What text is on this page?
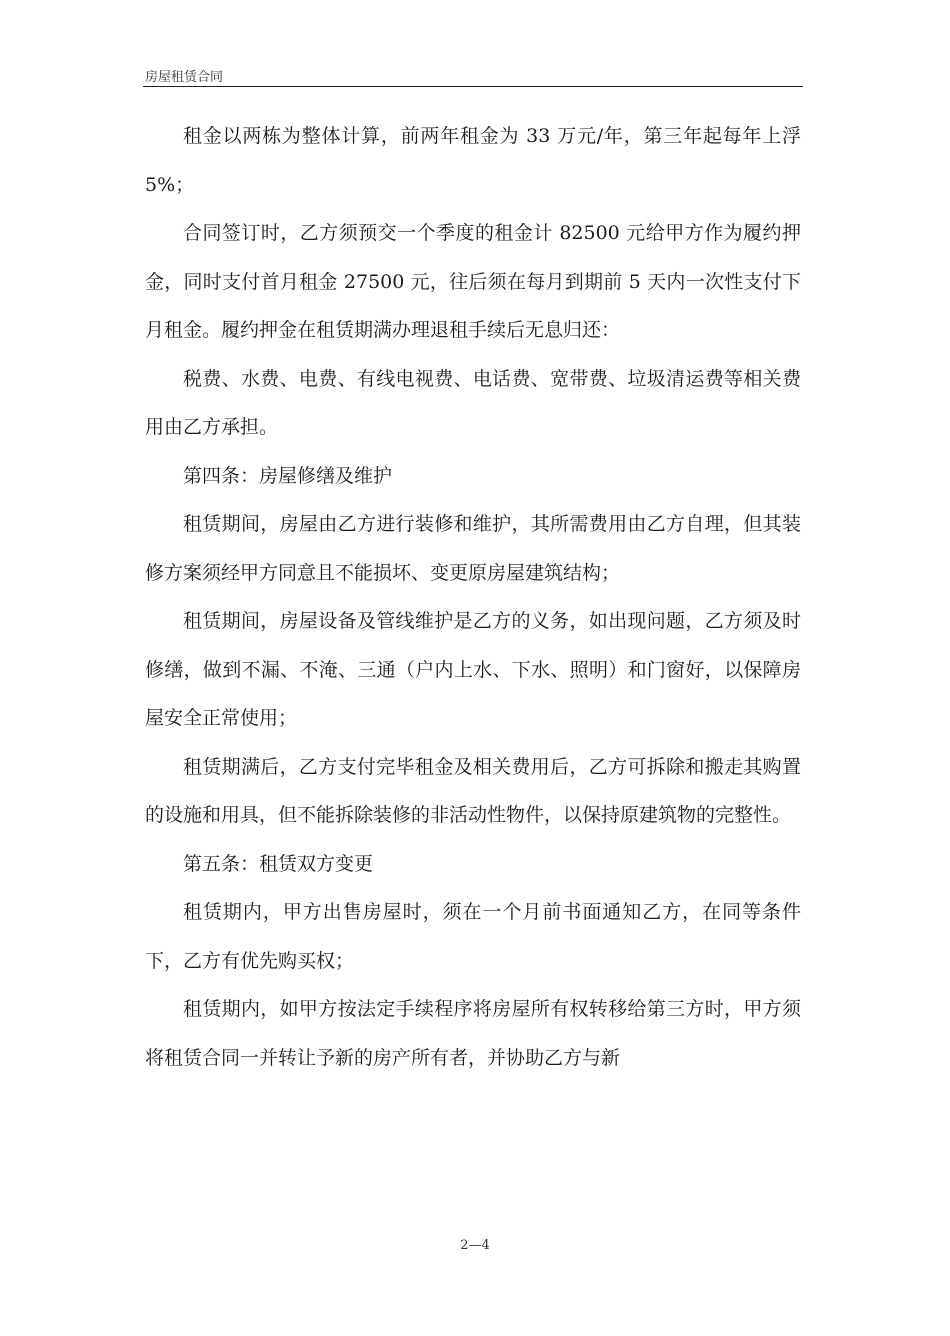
房屋租赁合同

租金以两栋为整体计算，前两年租金为 33 万元/年，第三年起每年上浮 5%；

合同签订时，乙方须预交一个季度的租金计 82500 元给甲方作为履约押金，同时支付首月租金 27500 元，往后须在每月到期前 5 天内一次性支付下月租金。履约押金在租赁期满办理退租手续后无息归还：

税费、水费、电费、有线电视费、电话费、宽带费、垃圾清运费等相关费用由乙方承担。

第四条：房屋修缮及维护

租赁期间，房屋由乙方进行装修和维护，其所需费用由乙方自理，但其装修方案须经甲方同意且不能损坏、变更原房屋建筑结构；

租赁期间，房屋设备及管线维护是乙方的义务，如出现问题，乙方须及时修缮，做到不漏、不淹、三通（户内上水、下水、照明）和门窗好，以保障房屋安全正常使用；

租赁期满后，乙方支付完毕租金及相关费用后，乙方可拆除和搬走其购置的设施和用具，但不能拆除装修的非活动性物件，以保持原建筑物的完整性。

第五条：租赁双方变更

租赁期内，甲方出售房屋时，须在一个月前书面通知乙方，在同等条件下，乙方有优先购买权；

租赁期内，如甲方按法定手续程序将房屋所有权转移给第三方时，甲方须将租赁合同一并转让予新的房产所有者，并协助乙方与新

2—4
